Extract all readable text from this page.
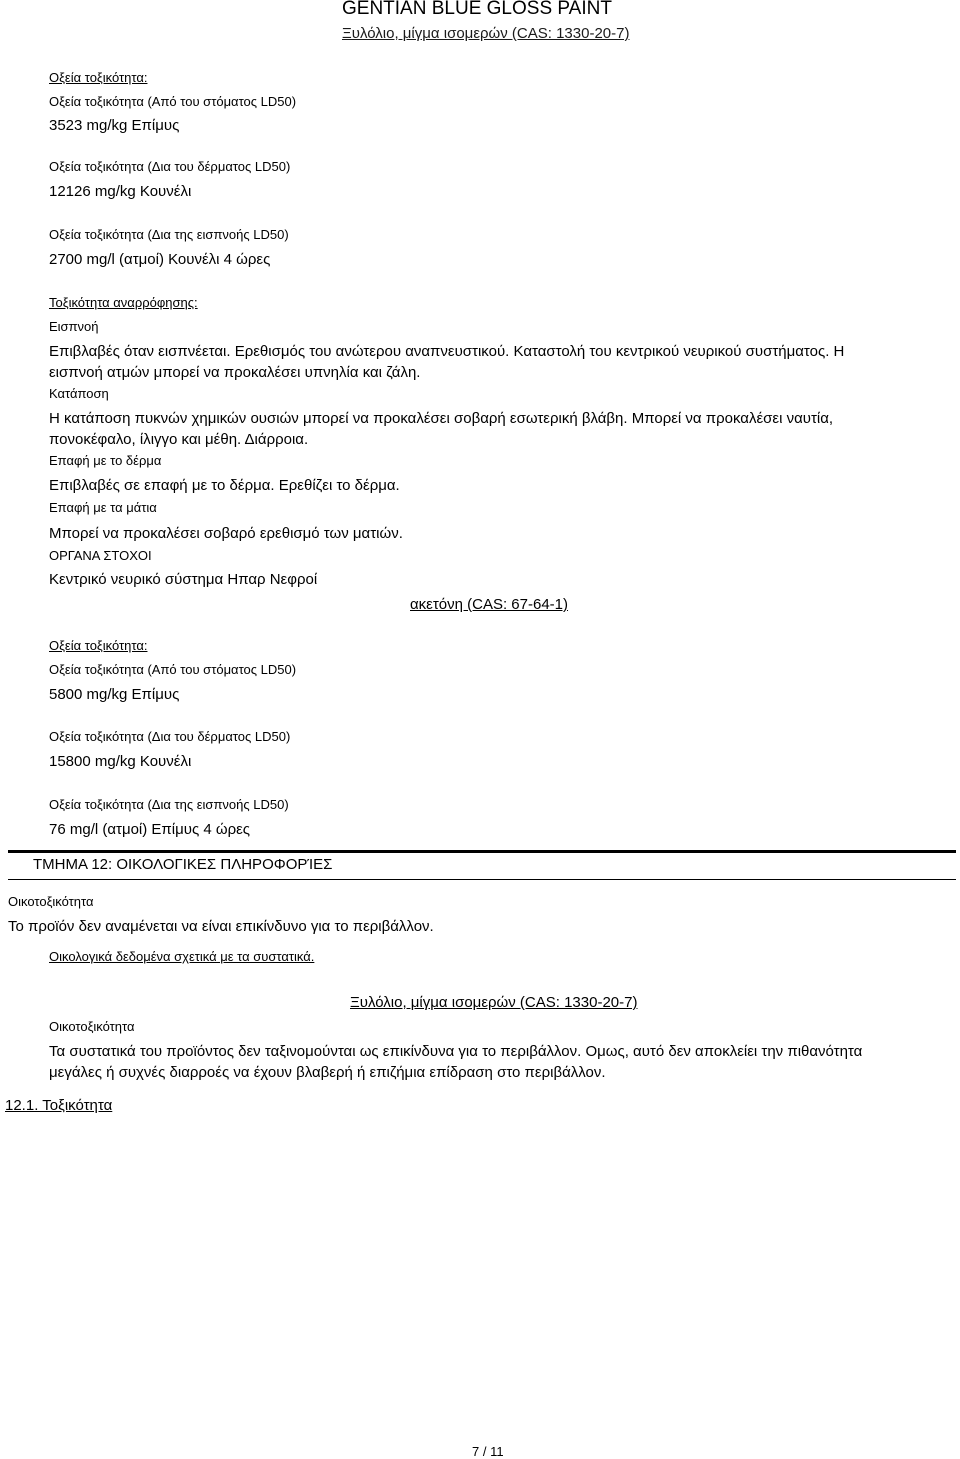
GENTIAN BLUE GLOSS PAINT
Ξυλόλιο, μίγμα ισομερών (CAS: 1330-20-7)
Οξεία τοξικότητα:
Οξεία τοξικότητα (Από του στόματος LD50)
3523 mg/kg Επίμυς
Οξεία τοξικότητα (Δια του δέρματος LD50)
12126 mg/kg Κουνέλι
Οξεία τοξικότητα (Δια της εισπνοής LD50)
2700 mg/l (ατμοί) Κουνέλι 4 ώρες
Τοξικότητα αναρρόφησης:
Εισπνοή
Επιβλαβές όταν εισπνέεται. Ερεθισμός του ανώτερου αναπνευστικού. Καταστολή του κεντρικού νευρικού συστήματος. Η
εισπνοή ατμών μπορεί να προκαλέσει υπνηλία και ζάλη.
Κατάποση
Η κατάποση πυκνών χημικών ουσιών μπορεί να προκαλέσει σοβαρή εσωτερική βλάβη. Μπορεί να προκαλέσει ναυτία,
πονοκέφαλο, ίλιγγο και μέθη. Διάρροια.
Επαφή με το δέρμα
Επιβλαβές σε επαφή με το δέρμα. Ερεθίζει το δέρμα.
Επαφή με τα μάτια
Μπορεί να προκαλέσει σοβαρό ερεθισμό των ματιών.
ΟΡΓΑΝΑ ΣΤΟΧΟΙ
Κεντρικό νευρικό σύστημα Ηπαρ Νεφροί
ακετόνη (CAS: 67-64-1)
Οξεία τοξικότητα:
Οξεία τοξικότητα (Από του στόματος LD50)
5800 mg/kg Επίμυς
Οξεία τοξικότητα (Δια του δέρματος LD50)
15800 mg/kg Κουνέλι
Οξεία τοξικότητα (Δια της εισπνοής LD50)
76 mg/l (ατμοί) Επίμυς 4 ώρες
ΤΜΗΜΑ 12: ΟΙΚΟΛΟΓΙΚΕΣ ΠΛΗΡΟΦΟΡΊΕΣ
Οικοτοξικότητα
Το προϊόν δεν αναμένεται να είναι επικίνδυνο για το περιβάλλον.
Οικολογικά δεδομένα σχετικά με τα συστατικά.
Ξυλόλιο, μίγμα ισομερών (CAS: 1330-20-7)
Οικοτοξικότητα
Τα συστατικά του προϊόντος δεν ταξινομούνται ως επικίνδυνα για το περιβάλλον. Ομως, αυτό δεν αποκλείει την πιθανότητα
μεγάλες ή συχνές διαρροές να έχουν βλαβερή ή επιζήμια επίδραση στο περιβάλλον.
12.1. Τοξικότητα
7 / 11
